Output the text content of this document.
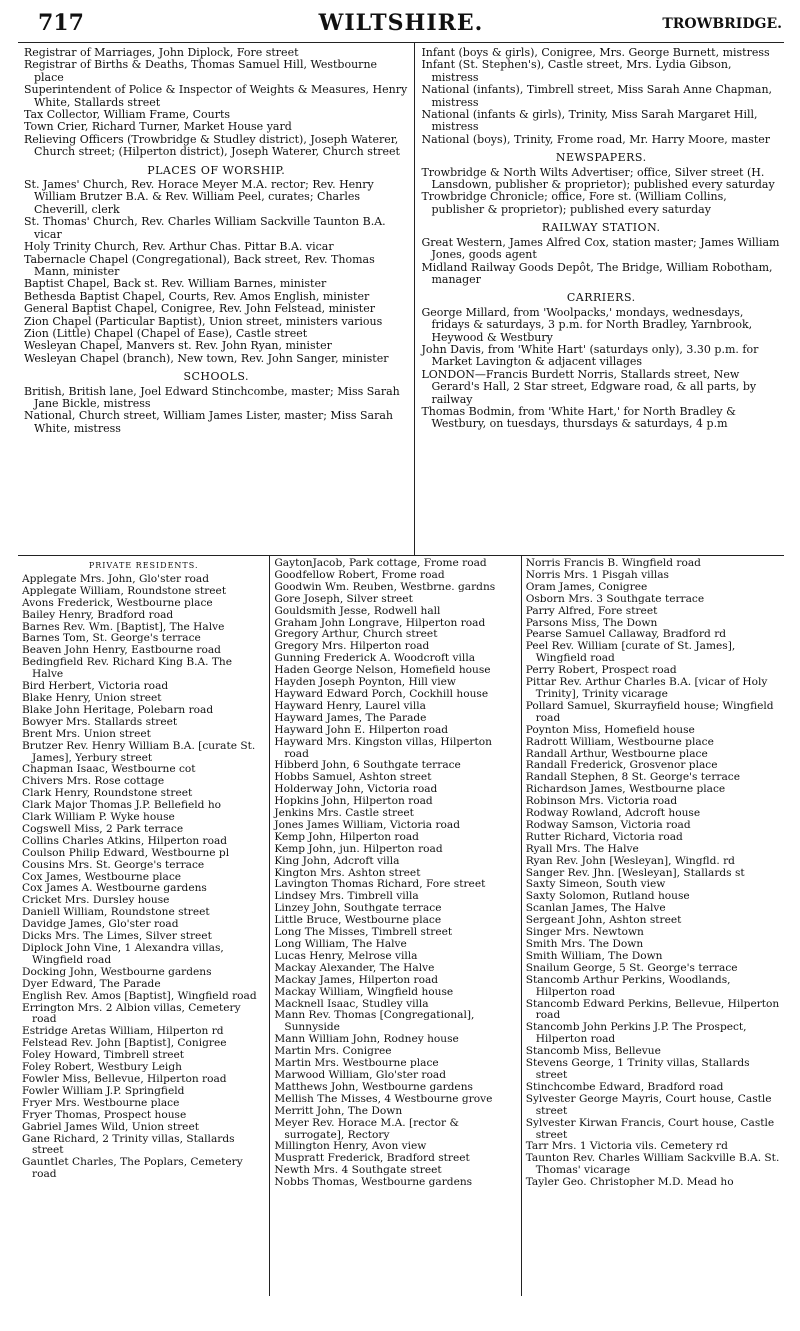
717	WILTSHIRE.	TROWBRIDGE.

Registrar of Marriages, John Diplock, Fore street

Registrar of Births & Deaths, Thomas Samuel Hill, Westbourne place

Superintendent of Police & Inspector of Weights & Measures, Henry White, Stallards street

Tax Collector, William Frame, Courts

Town Crier, Richard Turner, Market House yard

Relieving Officers (Trowbridge & Studley district), Joseph Waterer, Church street; (Hilperton district), Joseph Waterer, Church street

PLACES OF WORSHIP.

St. James' Church, Rev. Horace Meyer M.A. rector; Rev. Henry William Brutzer B.A. & Rev. William Peel, curates; Charles Cheverill, clerk

St. Thomas' Church, Rev. Charles William Sackville Taunton B.A. vicar

Holy Trinity Church, Rev. Arthur Chas. Pittar B.A. vicar

Tabernacle Chapel (Congregational), Back street, Rev. Thomas Mann, minister

Baptist Chapel, Back st. Rev. William Barnes, minister

Bethesda Baptist Chapel, Courts, Rev. Amos English, minister

General Baptist Chapel, Conigree, Rev. John Felstead, minister

Zion Chapel (Particular Baptist), Union street, ministers various

Zion (Little) Chapel (Chapel of Ease), Castle street

Wesleyan Chapel, Manvers st. Rev. John Ryan, minister

Wesleyan Chapel (branch), New town, Rev. John Sanger, minister

SCHOOLS.

British, British lane, Joel Edward Stinchcombe, master; Miss Sarah Jane Bickle, mistress

National, Church street, William James Lister, master; Miss Sarah White, mistress

Infant (boys & girls), Conigree, Mrs. George Burnett, mistress

Infant (St. Stephen's), Castle street, Mrs. Lydia Gibson, mistress

National (infants), Timbrell street, Miss Sarah Anne Chapman, mistress

National (infants & girls), Trinity, Miss Sarah Margaret Hill, mistress

National (boys), Trinity, Frome road, Mr. Harry Moore, master

NEWSPAPERS.

Trowbridge & North Wilts Advertiser; office, Silver street (H. Lansdown, publisher & proprietor); published every saturday

Trowbridge Chronicle; office, Fore st. (William Collins, publisher & proprietor); published every saturday

RAILWAY STATION.

Great Western, James Alfred Cox, station master; James William Jones, goods agent

Midland Railway Goods Depôt, The Bridge, William Robotham, manager

CARRIERS.

George Millard, from 'Woolpacks,' mondays, wednesdays, fridays & saturdays, 3 p.m. for North Bradley, Yarnbrook, Heywood & Westbury

John Davis, from 'White Hart' (saturdays only), 3.30 p.m. for Market Lavington & adjacent villages

LONDON—Francis Burdett Norris, Stallards street, New Gerard's Hall, 2 Star street, Edgware road, & all parts, by railway

Thomas Bodmin, from 'White Hart,' for North Bradley & Westbury, on tuesdays, thursdays & saturdays, 4 p.m

PRIVATE RESIDENTS.

Applegate Mrs. John, Glo'ster road

Applegate William, Roundstone street

Avons Frederick, Westbourne place

Bailey Henry, Bradford road

Barnes Rev. Wm. [Baptist], The Halve

Barnes Tom, St. George's terrace

Beaven John Henry, Eastbourne road

Bedingfield Rev. Richard King B.A. The Halve

Bird Herbert, Victoria road

Blake Henry, Union street

Blake John Heritage, Polebarn road

Bowyer Mrs. Stallards street

Brent Mrs. Union street

Brutzer Rev. Henry William B.A. [curate St. James], Yerbury street

Chapman Isaac, Westbourne cot

Chivers Mrs. Rose cottage

Clark Henry, Roundstone street

Clark Major Thomas J.P. Bellefield ho

Clark William P. Wyke house

Cogswell Miss, 2 Park terrace

Collins Charles Atkins, Hilperton road

Coulson Philip Edward, Westbourne pl

Cousins Mrs. St. George's terrace

Cox James, Westbourne place

Cox James A. Westbourne gardens

Cricket Mrs. Dursley house

Daniell William, Roundstone street

Davidge James, Glo'ster road

Dicks Mrs. The Limes, Silver street

Diplock John Vine, 1 Alexandra villas, Wingfield road

Docking John, Westbourne gardens

Dyer Edward, The Parade

English Rev. Amos [Baptist], Wingfield road

Errington Mrs. 2 Albion villas, Cemetery road

Estridge Aretas William, Hilperton rd

Felstead Rev. John [Baptist], Conigree

Foley Howard, Timbrell street

Foley Robert, Westbury Leigh

Fowler Miss, Bellevue, Hilperton road

Fowler William J.P. Springfield

Fryer Mrs. Westbourne place

Fryer Thomas, Prospect house

Gabriel James Wild, Union street

Gane Richard, 2 Trinity villas, Stallards street

Gauntlet Charles, The Poplars, Cemetery road

GaytonJacob, Park cottage, Frome road

Goodfellow Robert, Frome road

Goodwin Wm. Reuben, Westbrne. gardns

Gore Joseph, Silver street

Gouldsmith Jesse, Rodwell hall

Graham John Longrave, Hilperton road

Gregory Arthur, Church street

Gregory Mrs. Hilperton road

Gunning Frederick A. Woodcroft villa

Haden George Nelson, Homefield house

Hayden Joseph Poynton, Hill view

Hayward Edward Porch, Cockhill house

Hayward Henry, Laurel villa

Hayward James, The Parade

Hayward John E. Hilperton road

Hayward Mrs. Kingston villas, Hilperton road

Hibberd John, 6 Southgate terrace

Hobbs Samuel, Ashton street

Holderway John, Victoria road

Hopkins John, Hilperton road

Jenkins Mrs. Castle street

Jones James William, Victoria road

Kemp John, Hilperton road

Kemp John, jun. Hilperton road

King John, Adcroft villa

Kington Mrs. Ashton street

Lavington Thomas Richard, Fore street

Lindsey Mrs. Timbrell villa

Linzey John, Southgate terrace

Little Bruce, Westbourne place

Long The Misses, Timbrell street

Long William, The Halve

Lucas Henry, Melrose villa

Mackay Alexander, The Halve

Mackay James, Hilperton road

Mackay William, Wingfield house

Macknell Isaac, Studley villa

Mann Rev. Thomas [Congregational], Sunnyside

Mann William John, Rodney house

Martin Mrs. Conigree

Martin Mrs. Westbourne place

Marwood William, Glo'ster road

Matthews John, Westbourne gardens

Mellish The Misses, 4 Westbourne grove

Merritt John, The Down

Meyer Rev. Horace M.A. [rector & surrogate], Rectory

Millington Henry, Avon view

Muspratt Frederick, Bradford street

Newth Mrs. 4 Southgate street

Nobbs Thomas, Westbourne gardens

Norris Francis B. Wingfield road

Norris Mrs. 1 Pisgah villas

Oram James, Conigree

Osborn Mrs. 3 Southgate terrace

Parry Alfred, Fore street

Parsons Miss, The Down

Pearse Samuel Callaway, Bradford rd

Peel Rev. William [curate of St. James], Wingfield road

Perry Robert, Prospect road

Pittar Rev. Arthur Charles B.A. [vicar of Holy Trinity], Trinity vicarage

Pollard Samuel, Skurrayfield house; Wingfield road

Poynton Miss, Homefield house

Radrott William, Westbourne place

Randall Arthur, Westbourne place

Randall Frederick, Grosvenor place

Randall Stephen, 8 St. George's terrace

Richardson James, Westbourne place

Robinson Mrs. Victoria road

Rodway Rowland, Adcroft house

Rodway Samson, Victoria road

Rutter Richard, Victoria road

Ryall Mrs. The Halve

Ryan Rev. John [Wesleyan], Wingfld. rd

Sanger Rev. Jhn. [Wesleyan], Stallards st

Saxty Simeon, South view

Saxty Solomon, Rutland house

Scanlan James, The Halve

Sergeant John, Ashton street

Singer Mrs. Newtown

Smith Mrs. The Down

Smith William, The Down

Snailum George, 5 St. George's terrace

Stancomb Arthur Perkins, Woodlands, Hilperton road

Stancomb Edward Perkins, Bellevue, Hilperton road

Stancomb John Perkins J.P. The Prospect, Hilperton road

Stancomb Miss, Bellevue

Stevens George, 1 Trinity villas, Stallards street

Stinchcombe Edward, Bradford road

Sylvester George Mayris, Court house, Castle street

Sylvester Kirwan Francis, Court house, Castle street

Tarr Mrs. 1 Victoria vils. Cemetery rd

Taunton Rev. Charles William Sackville B.A. St. Thomas' vicarage

Tayler Geo. Christopher M.D. Mead ho
